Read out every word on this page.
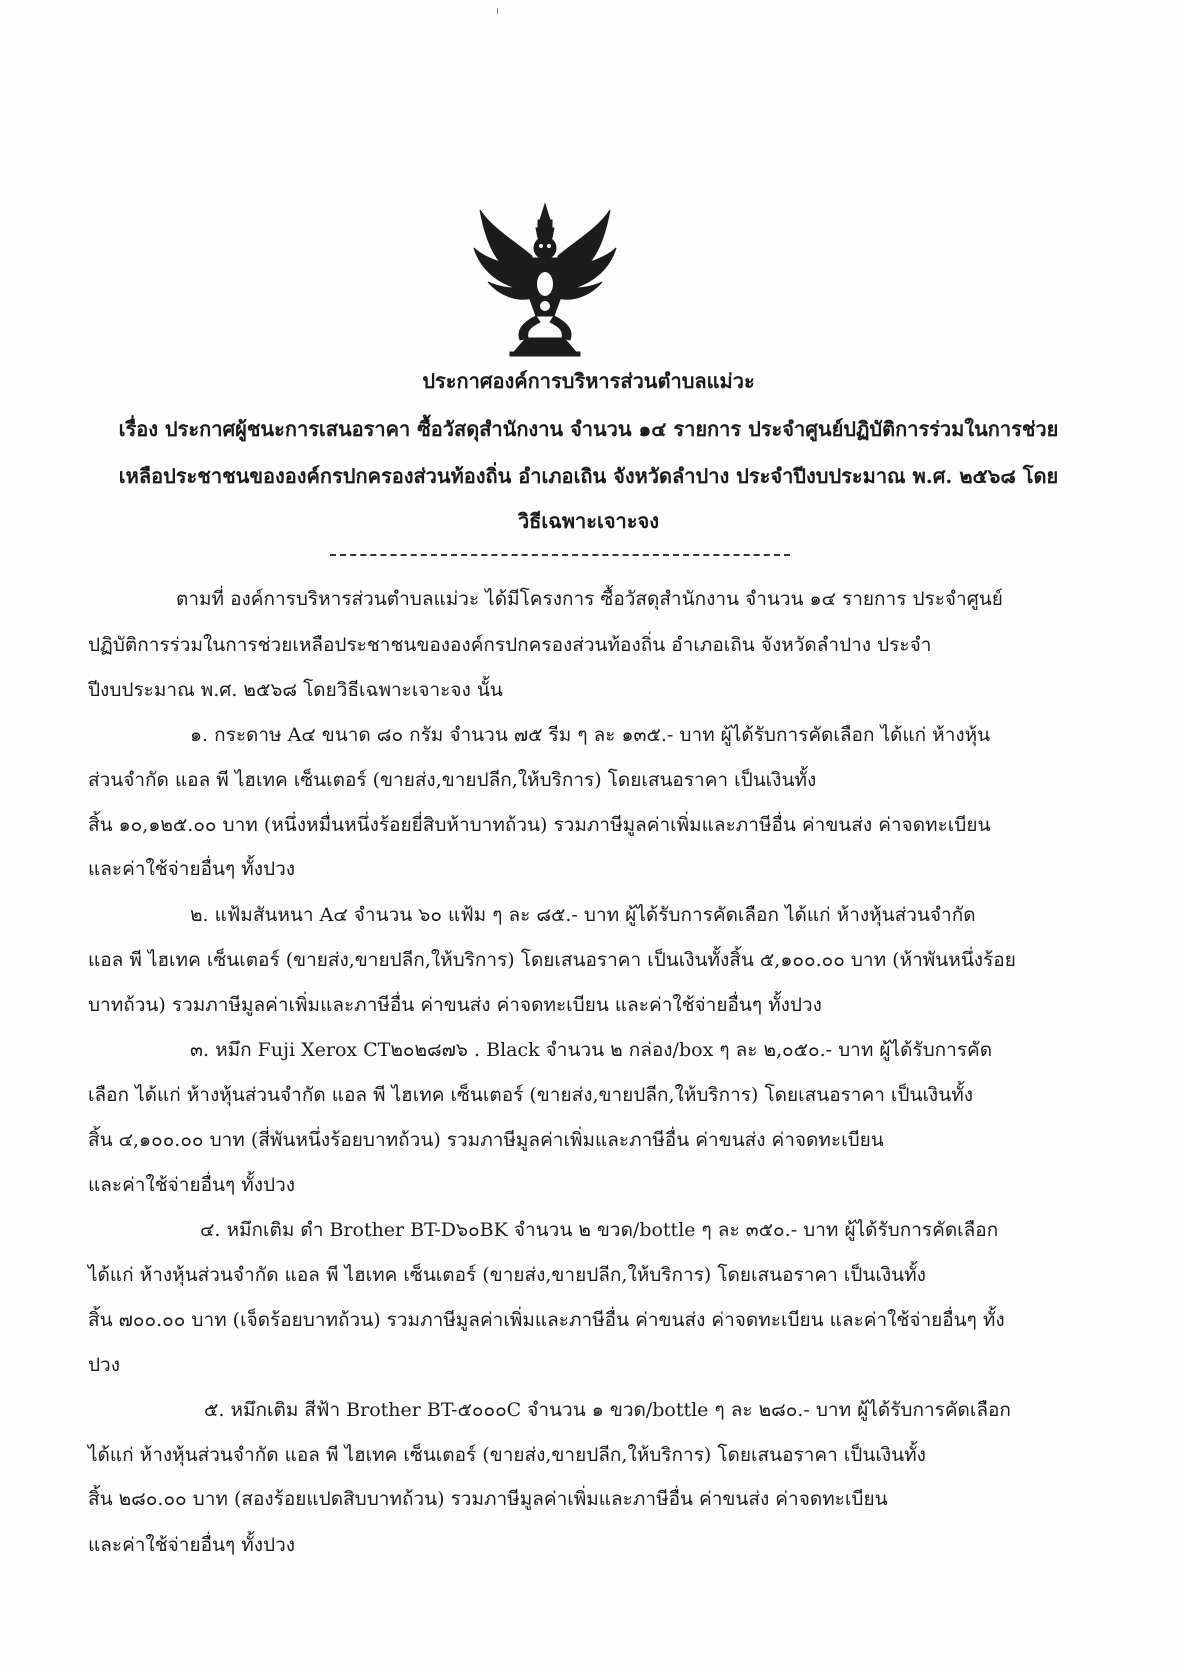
ประกาศองค์การบริหารส่วนตำบลแม่วะ
เรื่อง ประกาศผู้ชนะการเสนอราคา ซื้อวัสดุสำนักงาน จำนวน ๑๔ รายการ ประจำศูนย์ปฏิบัติการร่วมในการช่วย
เหลือประชาชนขององค์กรปกครองส่วนท้องถิ่น อำเภอเถิน จังหวัดลำปาง ประจำปีงบประมาณ พ.ศ. ๒๕๖๘ โดย
วิธีเฉพาะเจาะจง
ตามที่ องค์การบริหารส่วนตำบลแม่วะ ได้มีโครงการ ซื้อวัสดุสำนักงาน จำนวน ๑๔ รายการ ประจำศูนย์
ปฏิบัติการร่วมในการช่วยเหลือประชาชนขององค์กรปกครองส่วนท้องถิ่น อำเภอเถิน จังหวัดลำปาง ประจำ
ปีงบประมาณ พ.ศ. ๒๕๖๘ โดยวิธีเฉพาะเจาะจง นั้น
๑. กระดาษ A๔ ขนาด ๘๐ กรัม จำนวน ๗๕ รีม ๆ ละ ๑๓๕.- บาท ผู้ได้รับการคัดเลือก ได้แก่ ห้างหุ้น
ส่วนจำกัด แอล พี ไฮเทค เซ็นเตอร์ (ขายส่ง,ขายปลีก,ให้บริการ) โดยเสนอราคา เป็นเงินทั้ง
สิ้น ๑๐,๑๒๕.๐๐ บาท (หนึ่งหมื่นหนึ่งร้อยยี่สิบห้าบาทถ้วน) รวมภาษีมูลค่าเพิ่มและภาษีอื่น ค่าขนส่ง ค่าจดทะเบียน
และค่าใช้จ่ายอื่นๆ ทั้งปวง
๒. แฟ้มสันหนา A๔ จำนวน ๖๐ แฟ้ม ๆ ละ ๘๕.- บาท ผู้ได้รับการคัดเลือก ได้แก่ ห้างหุ้นส่วนจำกัด
แอล พี ไฮเทค เซ็นเตอร์ (ขายส่ง,ขายปลีก,ให้บริการ) โดยเสนอราคา เป็นเงินทั้งสิ้น ๕,๑๐๐.๐๐ บาท (ห้าพันหนึ่งร้อย
บาทถ้วน) รวมภาษีมูลค่าเพิ่มและภาษีอื่น ค่าขนส่ง ค่าจดทะเบียน และค่าใช้จ่ายอื่นๆ ทั้งปวง
๓. หมึก Fuji Xerox CT๒๐๒๘๗๖ . Black จำนวน ๒ กล่อง/box ๆ ละ ๒,๐๕๐.- บาท ผู้ได้รับการคัด
เลือก ได้แก่ ห้างหุ้นส่วนจำกัด แอล พี ไฮเทค เซ็นเตอร์ (ขายส่ง,ขายปลีก,ให้บริการ) โดยเสนอราคา เป็นเงินทั้ง
สิ้น ๔,๑๐๐.๐๐ บาท (สี่พันหนึ่งร้อยบาทถ้วน) รวมภาษีมูลค่าเพิ่มและภาษีอื่น ค่าขนส่ง ค่าจดทะเบียน
และค่าใช้จ่ายอื่นๆ ทั้งปวง
๔. หมึกเติม ดำ Brother BT-D๖๐BK จำนวน ๒ ขวด/bottle ๆ ละ ๓๕๐.- บาท ผู้ได้รับการคัดเลือก
ได้แก่ ห้างหุ้นส่วนจำกัด แอล พี ไฮเทค เซ็นเตอร์ (ขายส่ง,ขายปลีก,ให้บริการ) โดยเสนอราคา เป็นเงินทั้ง
สิ้น ๗๐๐.๐๐ บาท (เจ็ดร้อยบาทถ้วน) รวมภาษีมูลค่าเพิ่มและภาษีอื่น ค่าขนส่ง ค่าจดทะเบียน และค่าใช้จ่ายอื่นๆ ทั้ง
ปวง
๕. หมึกเติม สีฟ้า Brother BT-๕๐๐๐C จำนวน ๑ ขวด/bottle ๆ ละ ๒๘๐.- บาท ผู้ได้รับการคัดเลือก
ได้แก่ ห้างหุ้นส่วนจำกัด แอล พี ไฮเทค เซ็นเตอร์ (ขายส่ง,ขายปลีก,ให้บริการ) โดยเสนอราคา เป็นเงินทั้ง
สิ้น ๒๘๐.๐๐ บาท (สองร้อยแปดสิบบาทถ้วน) รวมภาษีมูลค่าเพิ่มและภาษีอื่น ค่าขนส่ง ค่าจดทะเบียน
และค่าใช้จ่ายอื่นๆ ทั้งปวง
